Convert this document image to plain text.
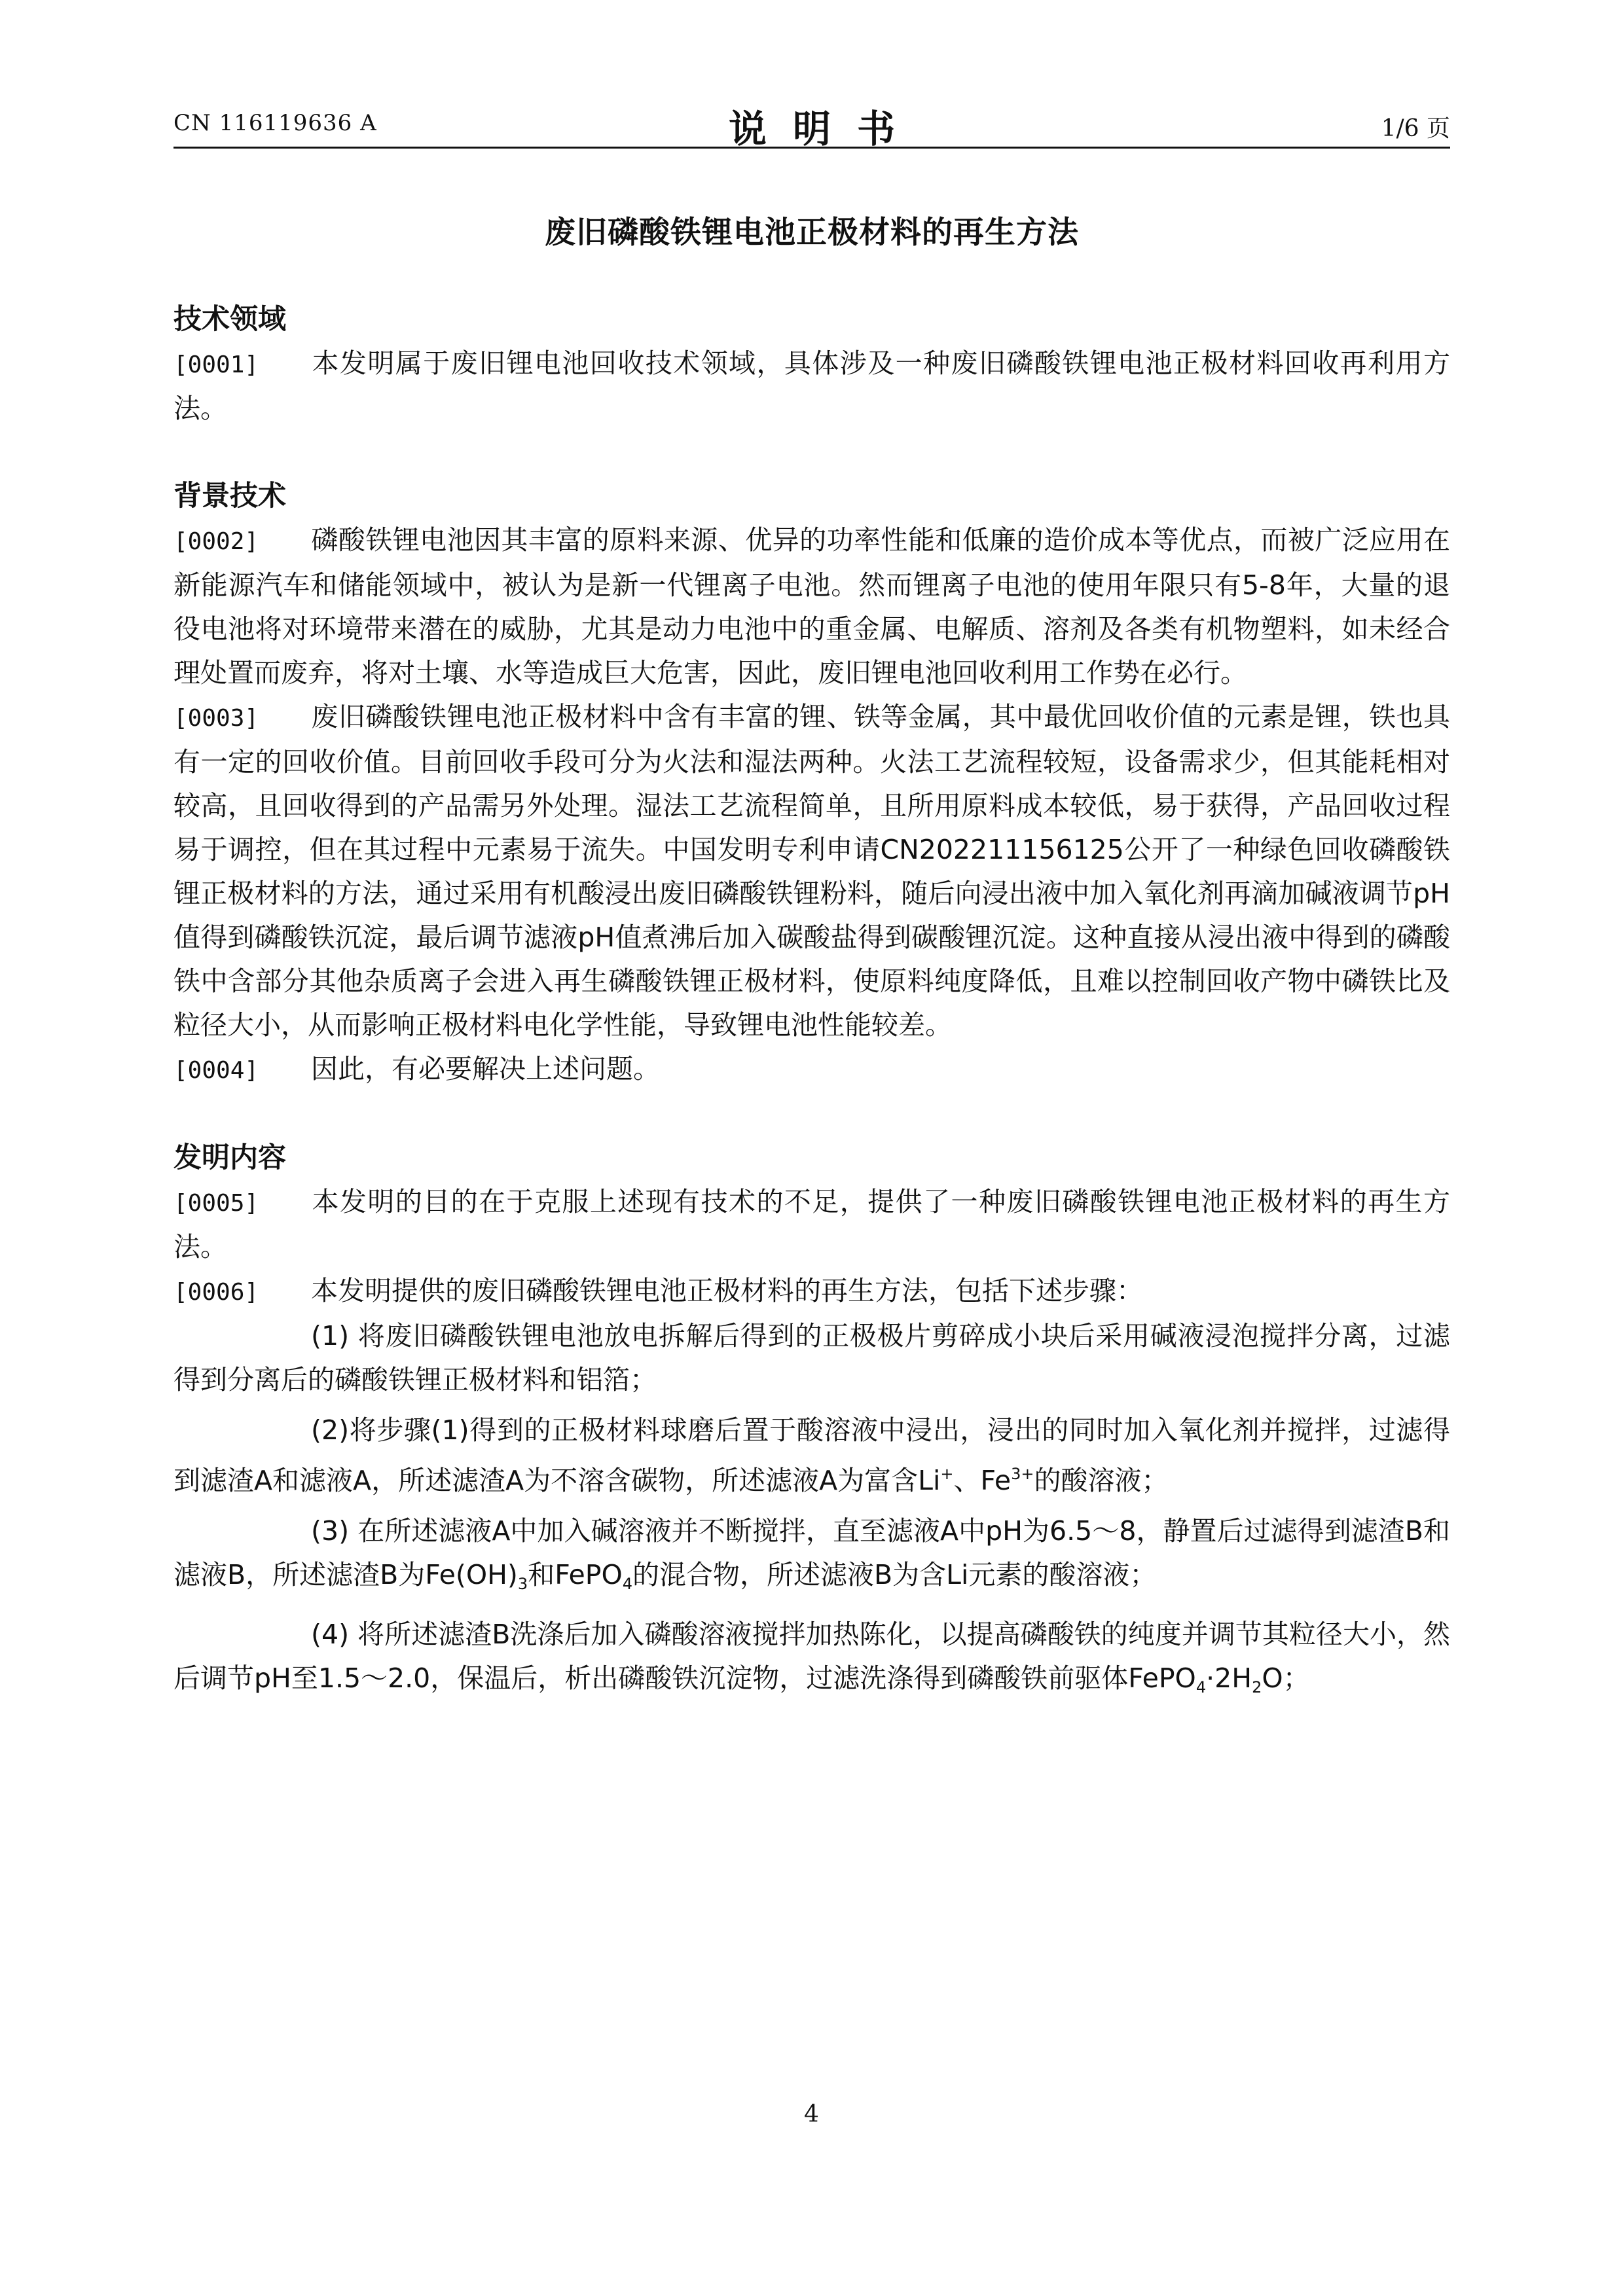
CN 116119636 A	说明书	1/6 页
废旧磷酸铁锂电池正极材料的再生方法
技术领域

[0001] 本发明属于废旧锂电池回收技术领域，具体涉及一种废旧磷酸铁锂电池正极材料回收再利用方法。

背景技术

[0002] 磷酸铁锂电池因其丰富的原料来源、优异的功率性能和低廉的造价成本等优点，而被广泛应用在新能源汽车和储能领域中，被认为是新一代锂离子电池。然而锂离子电池的使用年限只有5-8年，大量的退役电池将对环境带来潜在的威胁，尤其是动力电池中的重金属、电解质、溶剂及各类有机物塑料，如未经合理处置而废弃，将对土壤、水等造成巨大危害，因此，废旧锂电池回收利用工作势在必行。

[0003] 废旧磷酸铁锂电池正极材料中含有丰富的锂、铁等金属，其中最优回收价值的元素是锂，铁也具有一定的回收价值。目前回收手段可分为火法和湿法两种。火法工艺流程较短，设备需求少，但其能耗相对较高，且回收得到的产品需另外处理。湿法工艺流程简单，且所用原料成本较低，易于获得，产品回收过程易于调控，但在其过程中元素易于流失。中国发明专利申请CN202211156125公开了一种绿色回收磷酸铁锂正极材料的方法，通过采用有机酸浸出废旧磷酸铁锂粉料，随后向浸出液中加入氧化剂再滴加碱液调节pH值得到磷酸铁沉淀，最后调节滤液pH值煮沸后加入碳酸盐得到碳酸锂沉淀。这种直接从浸出液中得到的磷酸铁中含部分其他杂质离子会进入再生磷酸铁锂正极材料，使原料纯度降低，且难以控制回收产物中磷铁比及粒径大小，从而影响正极材料电化学性能，导致锂电池性能较差。

[0004] 因此，有必要解决上述问题。

发明内容

[0005] 本发明的目的在于克服上述现有技术的不足，提供了一种废旧磷酸铁锂电池正极材料的再生方法。

[0006] 本发明提供的废旧磷酸铁锂电池正极材料的再生方法，包括下述步骤：

(1) 将废旧磷酸铁锂电池放电拆解后得到的正极极片剪碎成小块后采用碱液浸泡搅拌分离，过滤得到分离后的磷酸铁锂正极材料和铝箔；

(2)将步骤(1)得到的正极材料球磨后置于酸溶液中浸出，浸出的同时加入氧化剂并搅拌，过滤得到滤渣A和滤液A，所述滤渣A为不溶含碳物，所述滤液A为富含Li+、$Fe^{3+}$的酸溶液；

(3) 在所述滤液A中加入碱溶液并不断搅拌，直至滤液A中pH为6.5～8，静置后过滤得到滤渣B和滤液B，所述滤渣B为$Fe(OH)_3$和FePO$_4$的混合物，所述滤液B为含Li元素的酸溶液；

(4) 将所述滤渣B洗涤后加入磷酸溶液搅拌加热陈化，以提高磷酸铁的纯度并调节其粒径大小，然后调节pH至1.5～2.0，保温后，析出磷酸铁沉淀物，过滤洗涤得到磷酸铁前驱体$FePO_4\cdot 2H_2O$；

4
